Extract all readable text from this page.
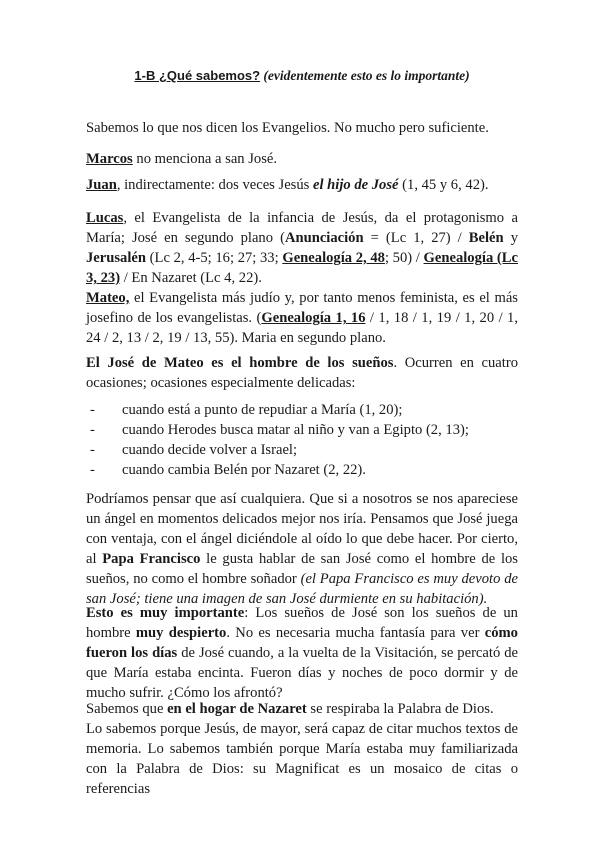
1-B ¿Qué sabemos? (evidentemente esto es lo importante)

Sabemos lo que nos dicen los Evangelios. No mucho pero suficiente.

Marcos no menciona a san José.

Juan, indirectamente: dos veces Jesús el hijo de José (1, 45 y 6, 42).

Lucas, el Evangelista de la infancia de Jesús, da el protagonismo a María; José en segundo plano (Anunciación = (Lc 1, 27) / Belén y Jerusalén (Lc 2, 4-5; 16; 27; 33; Genealogía 2, 48; 50) / Genealogía (Lc 3, 23) / En Nazaret (Lc 4, 22).

Mateo, el Evangelista más judío y, por tanto menos feminista, es el más josefino de los evangelistas. (Genealogía 1, 16 / 1, 18 / 1, 19 / 1, 20 / 1, 24 / 2, 13 / 2, 19 / 13, 55). Maria en segundo plano.

El José de Mateo es el hombre de los sueños. Ocurren en cuatro ocasiones; ocasiones especialmente delicadas:

- cuando está a punto de repudiar a María (1, 20);
- cuando Herodes busca matar al niño y van a Egipto (2, 13);
- cuando decide volver a Israel;
- cuando cambia Belén por Nazaret (2, 22).

Podríamos pensar que así cualquiera. Que si a nosotros se nos apareciese un ángel en momentos delicados mejor nos iría. Pensamos que José juega con ventaja, con el ángel diciéndole al oído lo que debe hacer. Por cierto, al Papa Francisco le gusta hablar de san José como el hombre de los sueños, no como el hombre soñador (el Papa Francisco es muy devoto de san José; tiene una imagen de san José durmiente en su habitación).

Esto es muy importante: Los sueños de José son los sueños de un hombre muy despierto. No es necesaria mucha fantasía para ver cómo fueron los días de José cuando, a la vuelta de la Visitación, se percató de que María estaba encinta. Fueron días y noches de poco dormir y de mucho sufrir. ¿Cómo los afrontó?

Sabemos que en el hogar de Nazaret se respiraba la Palabra de Dios.

Lo sabemos porque Jesús, de mayor, será capaz de citar muchos textos de memoria. Lo sabemos también porque María estaba muy familiarizada con la Palabra de Dios: su Magnificat es un mosaico de citas o referencias
